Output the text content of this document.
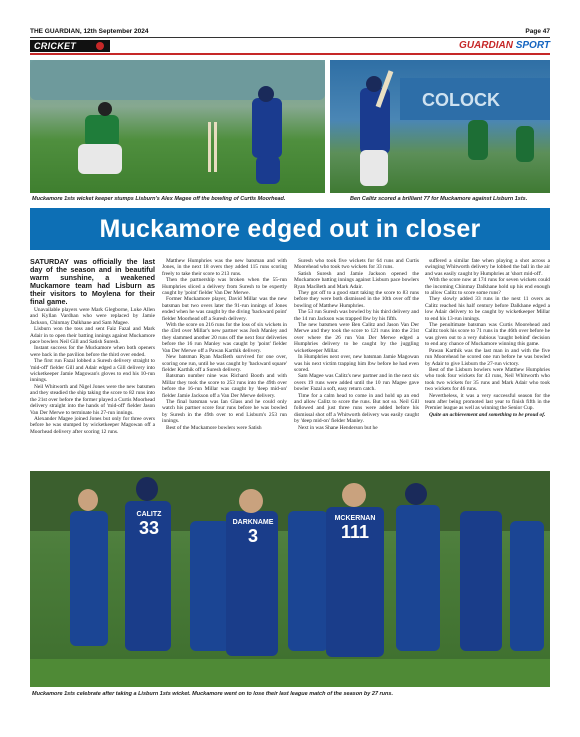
THE GUARDIAN, 12th September 2024	Page 47
CRICKET	GUARDIAN SPORT
Muckamore 1sts wicket keeper stumps Lisburn's Alex Magee off the bowling of Curtis Moorhead.
COLOCK
Ben Calitz scored a brilliant 77 for Muckamore against Lisburn 1sts.
Muckamore edged out in closer

SATURDAY was officially the last day of the season and in beautiful warm sunshine, a weakened Muckamore team had Lisburn as their visitors to Moylena for their final game.

Unavailable players were Mark Glegborne, Luke Allen and Kyllan Vardhan who were replaced by Jamie Jackson, Chinmay Dalkhane and Sam Magee.

Lisburn won the toss and sent Faiz Fazal and Mark Adair in to open their batting innings against Muckamore pace bowlers Neil Gill and Satish Suresh.

Instant success for the Muckamore when both openers were back in the pavilion before the third over ended.

The first run Fazal lobbed a Suresh delivery straight to 'mid-off' fielder Gill and Adair edged a Gill delivery into wicketkeeper Jamie Magowan's gloves to end his 10-run innings.

Neil Whitworth and Nigel Jones were the new batsmen and they steadied the ship taking the score to 82 runs into the 21st over before the former played a Curtis Moorhead delivery straight into the hands of 'mid-off' fielder Jason Van Der Merwe to terminate his 27-run innings.

Alexander Magee joined Jones but only for three overs before he was stumped by wicketkeeper Magowan off a Moorhead delivery after scoring 12 runs.

Matthew Humphries was the new batsman and with Jones, in the next 18 overs they added 115 runs scoring freely to take their score to 213 runs.

Then the partnership was broken when the 55-run Humphries sliced a delivery from Suresh to be expertly caught by 'point' fielder Van Der Merwe.

Former Muckamore player, David Millar was the new batsman but two overs later the 91-run innings of Jones ended when he was caught by the diving 'backward point' fielder Moorhead off a Suresh delivery.

With the score on 216 runs for the loss of six wickets in the 43rd over Millar's new partner was Josh Manley and they slammed another 20 runs off the next four deliveries before the 16 run Manley was caught by 'point' fielder Van Der Merwe off a Pawan Karthik delivery.

New batsman Ryan MacBeth survived for one over, scoring one run, until he was caught by 'backward square' fielder Karthik off a Suresh delivery.

Batsman number nine was Richard Booth and with Millar they took the score to 253 runs into the 49th over before the 16-run Millar was caught by 'deep mid-on' fielder Jamie Jackson off a Van Der Merwe delivery.

The final batsman was Ian Glass and he could only watch his partner score four runs before he was bowled by Suresh in the 49th over to end Lisburn's 253 run innings.

Best of the Muckamore bowlers were Satish

Suresh who took five wickets for 64 runs and Curtis Moorehead who took two wickets for 33 runs.

Satish Suresh and Jamie Jackson opened the Muckamore batting innings against Lisburn pace bowlers Ryan MacBeth and Mark Adair.

They got off to a good start taking the score to 83 runs before they were both dismissed in the 10th over off the bowling of Matthew Humphries.

The 53 run Suresh was bowled by his third delivery and the 14 run Jackson was trapped lbw by his fifth.

The new batsmen were Ben Calitz and Jason Van Der Merwe and they took the score to 121 runs into the 21st over where the 26 run Van Der Merwe edged a Humphries delivery to be caught by the juggling wicketkeeper Millar.

In Humphries next over, new batsman Jamie Magowan was his next victim trapping him lbw before he had even scored.

Sam Magee was Calitz's new partner and in the next six overs 19 runs were added until the 10 run Magee gave bowler Fazal a soft, easy return catch.

Time for a calm head to come in and hold up an end and allow Calitz to score the runs. But not so. Neil Gill followed and just three runs were added before his dismissal shot off a Whitworth delivery was easily caught by 'deep mid-on' fielder Manley.

Next in was Shane Henderson but he

suffered a similar fate when playing a shot across a swinging Whitworth delivery he lobbed the ball in the air and was easily caught by Humphries at 'short mid-off'.

With the score now at 174 runs for seven wickets could the incoming Chinmay Dalkhane hold up his end enough to allow Calitz to score some runs?

They slowly added 33 runs in the next 11 overs as Calitz reached his half century before Dalkhane edged a low Adair delivery to be caught by wicketkeeper Millar to end his 13-run innings.

The penultimate batsman was Curtis Moorehead and Calitz took his score to 71 runs in the 46th over before he was given out to a very dubious 'caught behind' decision to end any chance of Muckamore winning this game.

Pawan Karthik was the last man in and with the five run Moorehead he scored one run before he was bowled by Adair to give Lisburn the 27-run victory.

Best of the Lisburn bowlers were Matthew Humphries who took four wickets for 43 runs, Neil Whitworth who took two wickets for 35 runs and Mark Adair who took two wickets for 46 runs.

Nevertheless, it was a very successful season for the team after being promoted last year to finish fifth in the Premier league as well as winning the Senior Cup.

Quite an achievement and something to be proud of.

CALITZ
33	DARKNAME
3
MCKERNAN
111
Muckamore 1sts celebrate after taking a Lisburn 1sts wicket. Muckamore went on to lose their last league match of the season by 27 runs.
